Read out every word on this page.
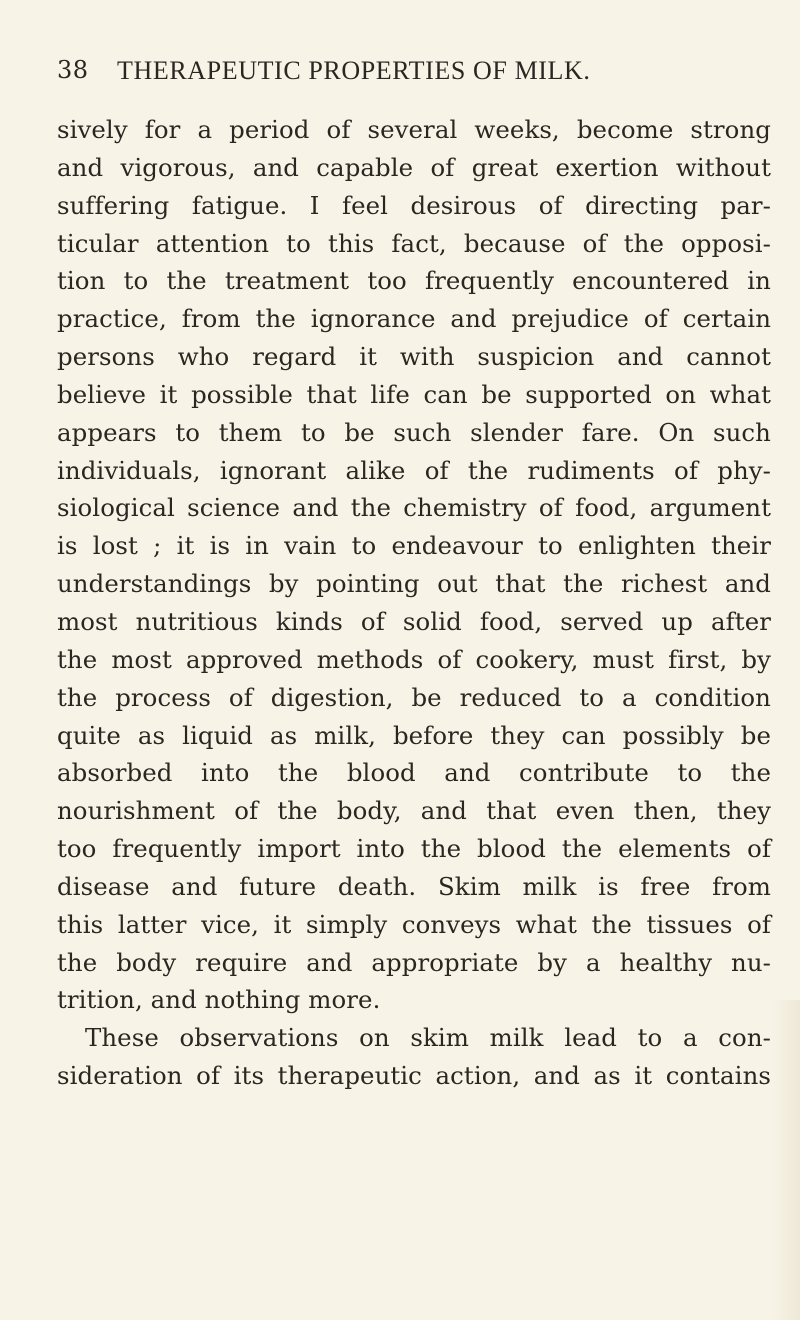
38 THERAPEUTIC PROPERTIES OF MILK.
sively for a period of several weeks, become strong
and vigorous, and capable of great exertion without
suffering fatigue. I feel desirous of directing par-
ticular attention to this fact, because of the opposi-
tion to the treatment too frequently encountered in
practice, from the ignorance and prejudice of certain
persons who regard it with suspicion and cannot
believe it possible that life can be supported on what
appears to them to be such slender fare. On such
individuals, ignorant alike of the rudiments of phy-
siological science and the chemistry of food, argument
is lost ; it is in vain to endeavour to enlighten their
understandings by pointing out that the richest and
most nutritious kinds of solid food, served up after
the most approved methods of cookery, must first, by
the process of digestion, be reduced to a condition
quite as liquid as milk, before they can possibly be
absorbed into the blood and contribute to the
nourishment of the body, and that even then, they
too frequently import into the blood the elements of
disease and future death. Skim milk is free from
this latter vice, it simply conveys what the tissues of
the body require and appropriate by a healthy nu-
trition, and nothing more.
These observations on skim milk lead to a con-
sideration of its therapeutic action, and as it contains
